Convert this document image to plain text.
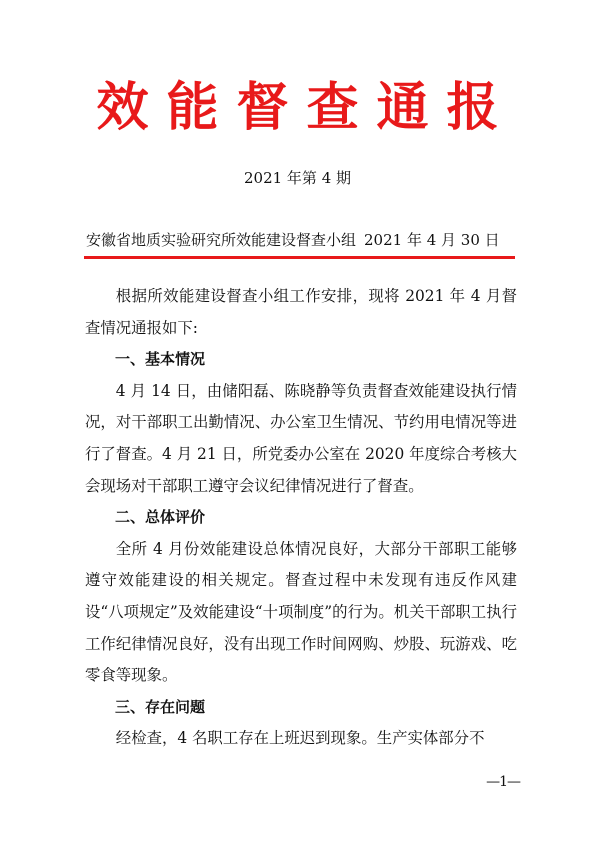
效能督查通报
2021 年第 4 期
安徽省地质实验研究所效能建设督查小组 2021 年 4 月 30 日

根据所效能建设督查小组工作安排，现将 2021 年 4 月督查情况通报如下:

一、基本情况

4 月 14 日，由储阳磊、陈晓静等负责督查效能建设执行情况，对干部职工出勤情况、办公室卫生情况、节约用电情况等进行了督查。4 月 21 日，所党委办公室在 2020 年度综合考核大会现场对干部职工遵守会议纪律情况进行了督查。

二、总体评价

全所 4 月份效能建设总体情况良好，大部分干部职工能够遵守效能建设的相关规定。督查过程中未发现有违反作风建设“八项规定”及效能建设“十项制度”的行为。机关干部职工执行工作纪律情况良好，没有出现工作时间网购、炒股、玩游戏、吃零食等现象。

三、存在问题

经检查，4 名职工存在上班迟到现象。生产实体部分不

—1—
